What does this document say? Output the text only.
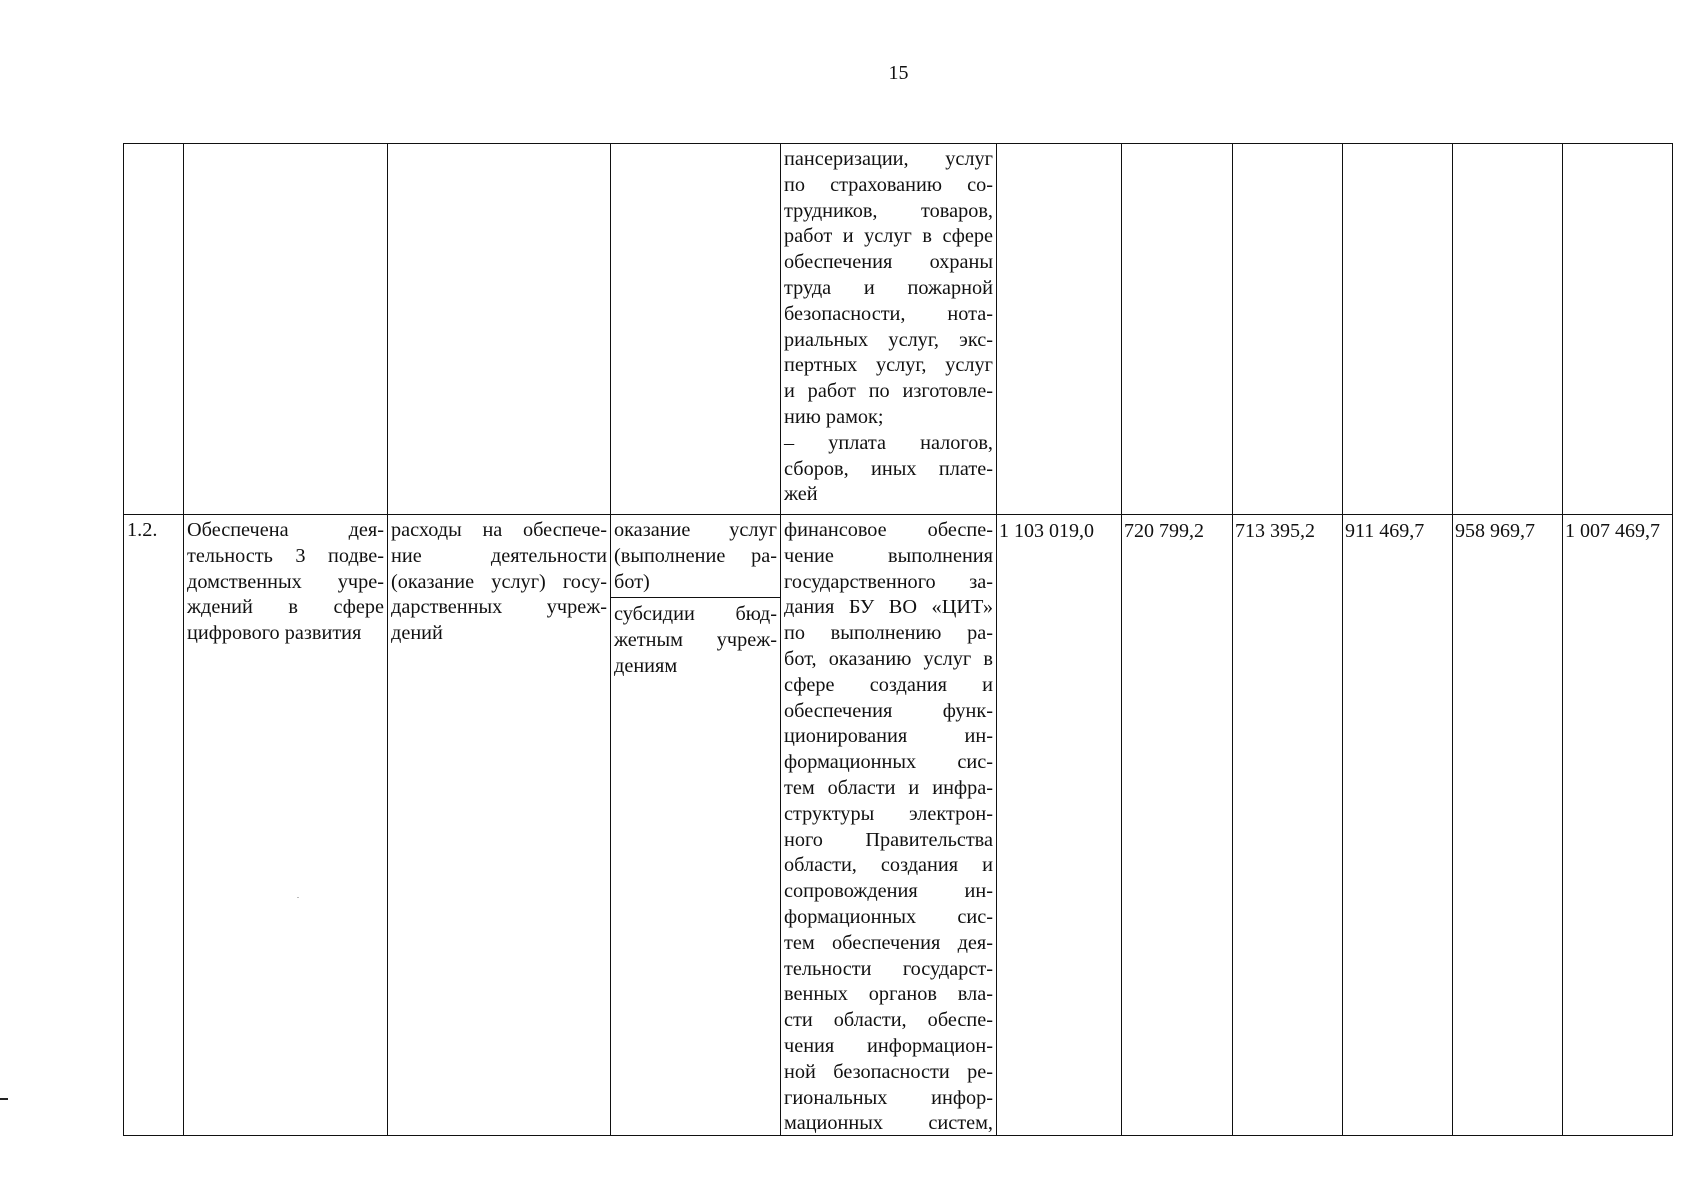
15
пансеризации, услуг
по страхованию со-
трудников, товаров,
работ и услуг в сфере
обеспечения охраны
труда и пожарной
безопасности, нота-
риальных услуг, экс-
пертных услуг, услуг
и работ по изготовле-
нию рамок;
– уплата налогов,
сборов, иных плате-
жей
1.2. Обеспечена дея-
тельность 3 подве-
домственных учре-
ждений в сфере
цифрового развития
расходы на обеспече-
ние деятельности
(оказание услуг) госу-
дарственных учреж-
дений
оказание услуг
(выполнение ра-
бот)
субсидии бюд-
жетным учреж-
дениям
финансовое обеспе-
чение выполнения
государственного за-
дания БУ ВО «ЦИТ»
по выполнению ра-
бот, оказанию услуг в
сфере создания и
обеспечения функ-
ционирования ин-
формационных сис-
тем области и инфра-
структуры электрон-
ного Правительства
области, создания и
сопровождения ин-
формационных сис-
тем обеспечения дея-
тельности государст-
венных органов вла-
сти области, обеспе-
чения информацион-
ной безопасности ре-
гиональных инфор-
мационных систем,
1 103 019,0 720 799,2 713 395,2 911 469,7 958 969,7 1 007 469,7
